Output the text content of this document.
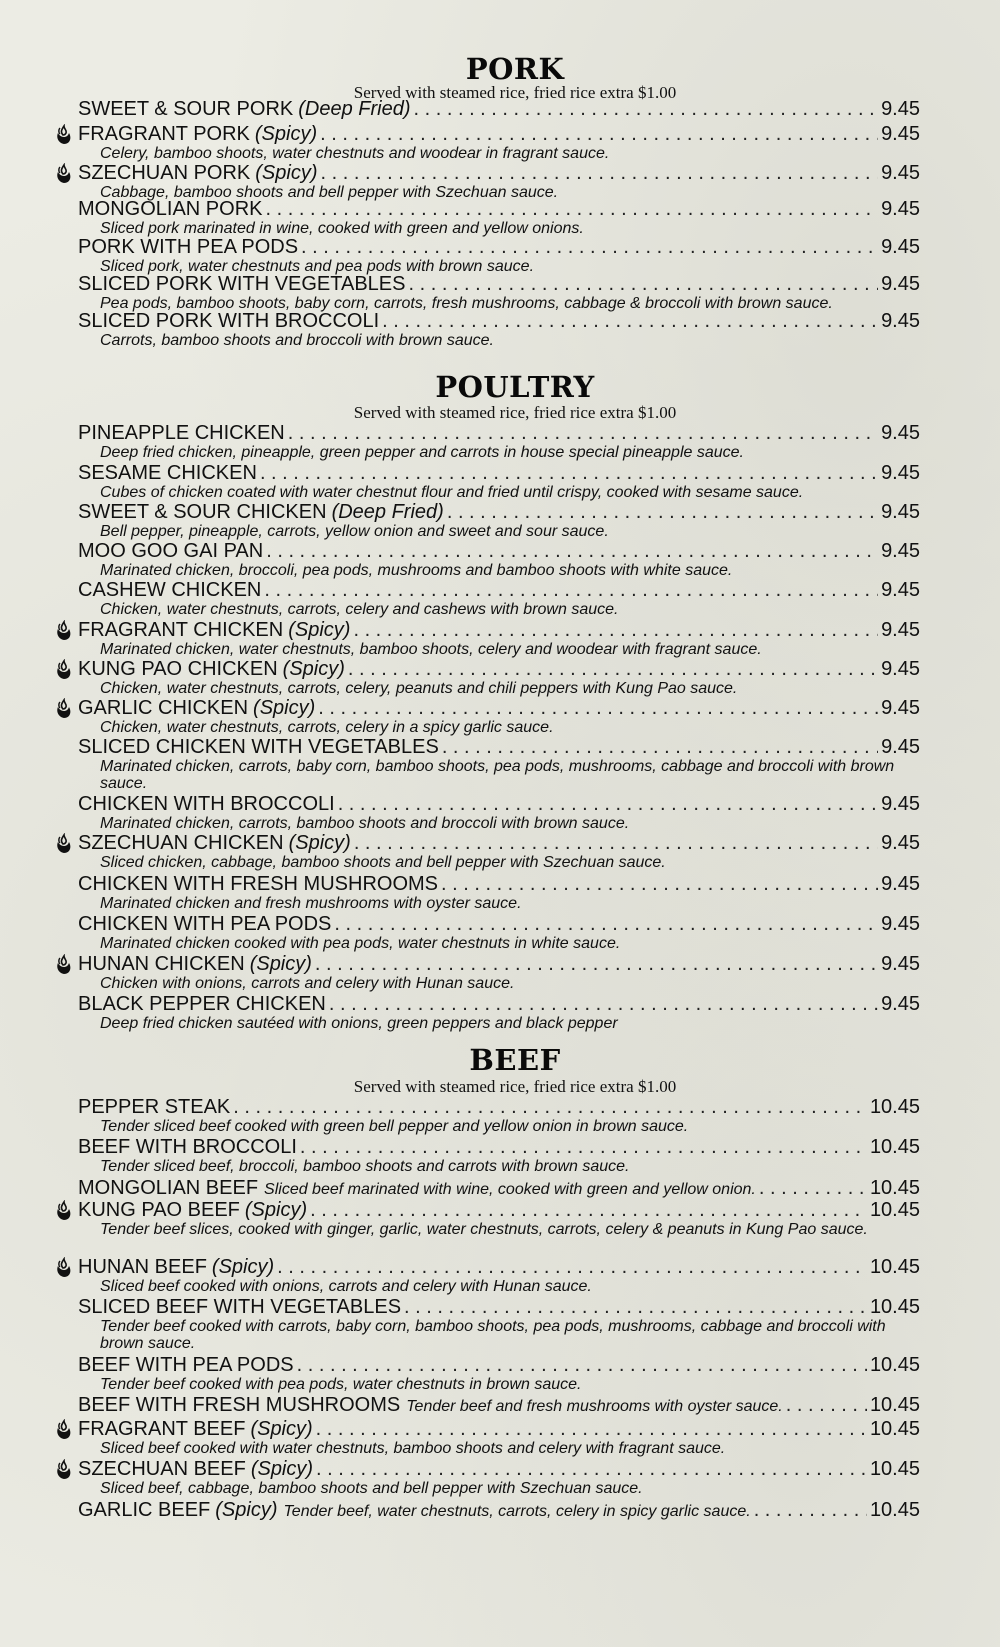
PORK
Served with steamed rice, fried rice extra $1.00
SWEET & SOUR PORK (Deep Fried) . . .	9.45
FRAGRANT PORK (Spicy) . . .	9.45
Celery, bamboo shoots, water chestnuts and woodear in fragrant sauce.
SZECHUAN PORK (Spicy) . . .	9.45
Cabbage, bamboo shoots and bell pepper with Szechuan sauce.
MONGOLIAN PORK . . .	9.45
Sliced pork marinated in wine, cooked with green and yellow onions.
PORK WITH PEA PODS . . .	9.45
Sliced pork, water chestnuts and pea pods with brown sauce.
SLICED PORK WITH VEGETABLES . . .	9.45
Pea pods, bamboo shoots, baby corn, carrots, fresh mushrooms, cabbage & broccoli with brown sauce.
SLICED PORK WITH BROCCOLI . . .	9.45
Carrots, bamboo shoots and broccoli with brown sauce.
POULTRY
Served with steamed rice, fried rice extra $1.00
PINEAPPLE CHICKEN . . .	9.45
Deep fried chicken, pineapple, green pepper and carrots in house special pineapple sauce.
SESAME CHICKEN . . .	9.45
Cubes of chicken coated with water chestnut flour and fried until crispy, cooked with sesame sauce.
SWEET & SOUR CHICKEN (Deep Fried) . . .	9.45
Bell pepper, pineapple, carrots, yellow onion and sweet and sour sauce.
MOO GOO GAI PAN . . .	9.45
Marinated chicken, broccoli, pea pods, mushrooms and bamboo shoots with white sauce.
CASHEW CHICKEN . . .	9.45
Chicken, water chestnuts, carrots, celery and cashews with brown sauce.
FRAGRANT CHICKEN (Spicy) . . .	9.45
Marinated chicken, water chestnuts, bamboo shoots, celery and woodear with fragrant sauce.
KUNG PAO CHICKEN (Spicy) . . .	9.45
Chicken, water chestnuts, carrots, celery, peanuts and chili peppers with Kung Pao sauce.
GARLIC CHICKEN (Spicy) . . .	9.45
Chicken, water chestnuts, carrots, celery in a spicy garlic sauce.
SLICED CHICKEN WITH VEGETABLES . . .	9.45
Marinated chicken, carrots, baby corn, bamboo shoots, pea pods, mushrooms, cabbage and broccoli with brown sauce.
CHICKEN WITH BROCCOLI . . .	9.45
Marinated chicken, carrots, bamboo shoots and broccoli with brown sauce.
SZECHUAN CHICKEN (Spicy) . . .	9.45
Sliced chicken, cabbage, bamboo shoots and bell pepper with Szechuan sauce.
CHICKEN WITH FRESH MUSHROOMS . . .	9.45
Marinated chicken and fresh mushrooms with oyster sauce.
CHICKEN WITH PEA PODS . . .	9.45
Marinated chicken cooked with pea pods, water chestnuts in white sauce.
HUNAN CHICKEN (Spicy) . . .	9.45
Chicken with onions, carrots and celery with Hunan sauce.
BLACK PEPPER CHICKEN . . .	9.45
Deep fried chicken sautéed with onions, green peppers and black pepper
BEEF
Served with steamed rice, fried rice extra $1.00
PEPPER STEAK . . .	10.45
Tender sliced beef cooked with green bell pepper and yellow onion in brown sauce.
BEEF WITH BROCCOLI . . .	10.45
Tender sliced beef, broccoli, bamboo shoots and carrots with brown sauce.
MONGOLIAN BEEF Sliced beef marinated with wine, cooked with green and yellow onion. . . .	10.45
KUNG PAO BEEF (Spicy) . . .	10.45
Tender beef slices, cooked with ginger, garlic, water chestnuts, carrots, celery & peanuts in Kung Pao sauce.
HUNAN BEEF (Spicy) . . .	10.45
Sliced beef cooked with onions, carrots and celery with Hunan sauce.
SLICED BEEF WITH VEGETABLES . . .	10.45
Tender beef cooked with carrots, baby corn, bamboo shoots, pea pods, mushrooms, cabbage and broccoli with brown sauce.
BEEF WITH PEA PODS . . .	10.45
Tender beef cooked with pea pods, water chestnuts in brown sauce.
BEEF WITH FRESH MUSHROOMS Tender beef and fresh mushrooms with oyster sauce. . . .	10.45
FRAGRANT BEEF (Spicy) . . .	10.45
Sliced beef cooked with water chestnuts, bamboo shoots and celery with fragrant sauce.
SZECHUAN BEEF (Spicy) . . .	10.45
Sliced beef, cabbage, bamboo shoots and bell pepper with Szechuan sauce.
GARLIC BEEF (Spicy) Tender beef, water chestnuts, carrots, celery in spicy garlic sauce. . . .	10.45
